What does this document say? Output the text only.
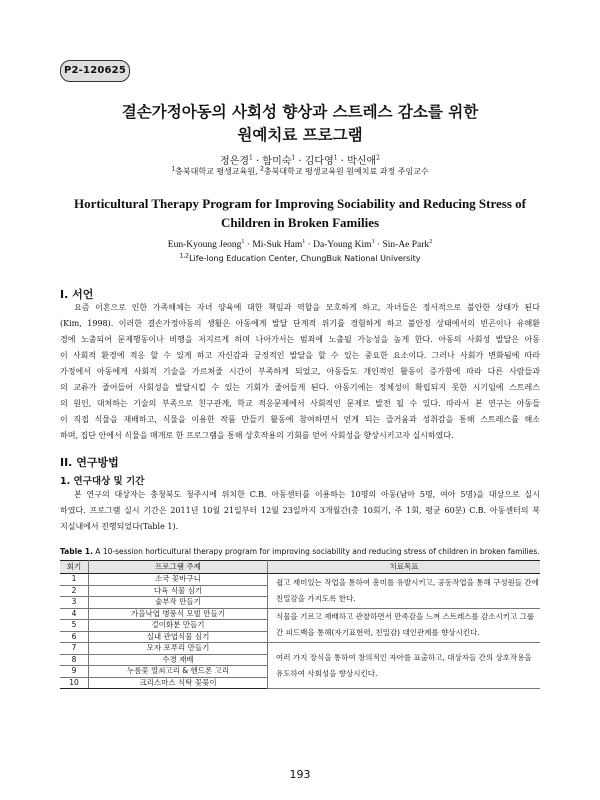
P2-120625
결손가정아동의 사회성 향상과 스트레스 감소를 위한
원예치료 프로그램
정은경$^1$ · 함미숙$^1$ · 김다영$^1$ · 박신애$^2$
$^1$충북대학교 평생교육원, $^2$충북대학교 평생교육원 원예치료 과정 주임교수
Horticultural Therapy Program for Improving Sociability and Reducing Stress of
Children in Broken Families
Eun-Kyoung Jeong$^1$ · Mi-Suk Ham$^1$ · Da-Young Kim$^1$ · Sin-Ae Park$^2$
$^{1,2}$Life-long Education Center, ChungBuk National University
I. 서언
요즘 이혼으로 인한 가족해체는 자녀 양육에 대한 책임과 역할을 모호하게 하고, 자녀들은 정서적으로 불안한 상태가 된다
(Kim, 1998). 이러한 결손가정아동의 생활은 아동에게 발달 단계적 위기를 경험하게 하고 불안정 상태에서의 빈곤이나 유해환
경에 노출되어 문제행동이나 비행을 저지르게 하며 나아가서는 범죄에 노출될 가능성을 높게 한다. 아동의 사회성 발달은 아동
이 사회적 환경에 적응 할 수 있게 하고 자신감과 긍정적인 발달을 할 수 있는 중요한 요소이다. 그러나 사회가 변화됨에 따라
가정에서 아동에게 사회적 기술을 가르쳐줄 시간이 부족하게 되었고, 아동들도 개인적인 활동이 증가함에 따라 다른 사람들과
의 교류가 줄어들어 사회성을 발달시킬 수 있는 기회가 줄어들게 된다. 아동기에는 정체성이 확립되지 못한 시기임에 스트레스
의 원인, 대처하는 기술의 부족으로 친구관계, 학교 적응문제에서 사회적인 문제로 발전 될 수 있다. 따라서 본 연구는 아동들
이 직접 식물을 재배하고, 식물을 이용한 작품 만들기 활동에 참여하면서 얻게 되는 즐거움과 성취감을 통해 스트레스를 해소
하며, 집단 안에서 식물을 매개로 한 프로그램을 통해 상호작용의 기회를 얻어 사회성을 향상시키고자 실시하였다.
II. 연구방법
1. 연구대상 및 기간
본 연구의 대상자는 충청북도 청주시에 위치한 C.B. 아동센터를 이용하는 10명의 아동(남아 5명, 여아 5명)을 대상으로 실시
하였다. 프로그램 실시 기간은 2011년 10월 21일부터 12월 23일까지 3개월간(총 10회기, 주 1회, 평균 60분) C.B. 아동센터의 복
지실내에서 진행되었다(Table 1).
Table 1. A 10-session horticultural therapy program for improving sociability and reducing stress of children in broken families.
회기	프로그램 주제	치료목표
1	소국 꽃바구니	쉽고 재미있는 작업을 통하여 흥미를 유발시키고, 공동작업을 통해 구성원들 간에 친밀감을 가지도록 한다.
2	다육 식물 심기	
3	숯부작 만들기	
4	가을낙엽 병풍식 모빌 만들기	식물을 기르고 재배하고 관찰하면서 만족감을 느껴 스트레스를 감소시키고 그룹간 피드백을 통해(자기표현력, 친밀감) 대인관계를 향상시킨다.
5	걸이화분 만들기	
6	실내 관엽식물 심기	
7	모자 포푸리 만들기	여러 가지 장식을 통하여 창의적인 자아를 표출하고, 대상자들 간의 상호작용을 유도하여 사회성을 향상시킨다.
8	수경 재배	
9	누름꽃 열쇠고리 & 핸드폰 고리	
10	크리스마스 식탁 꽃꽂이	
193
